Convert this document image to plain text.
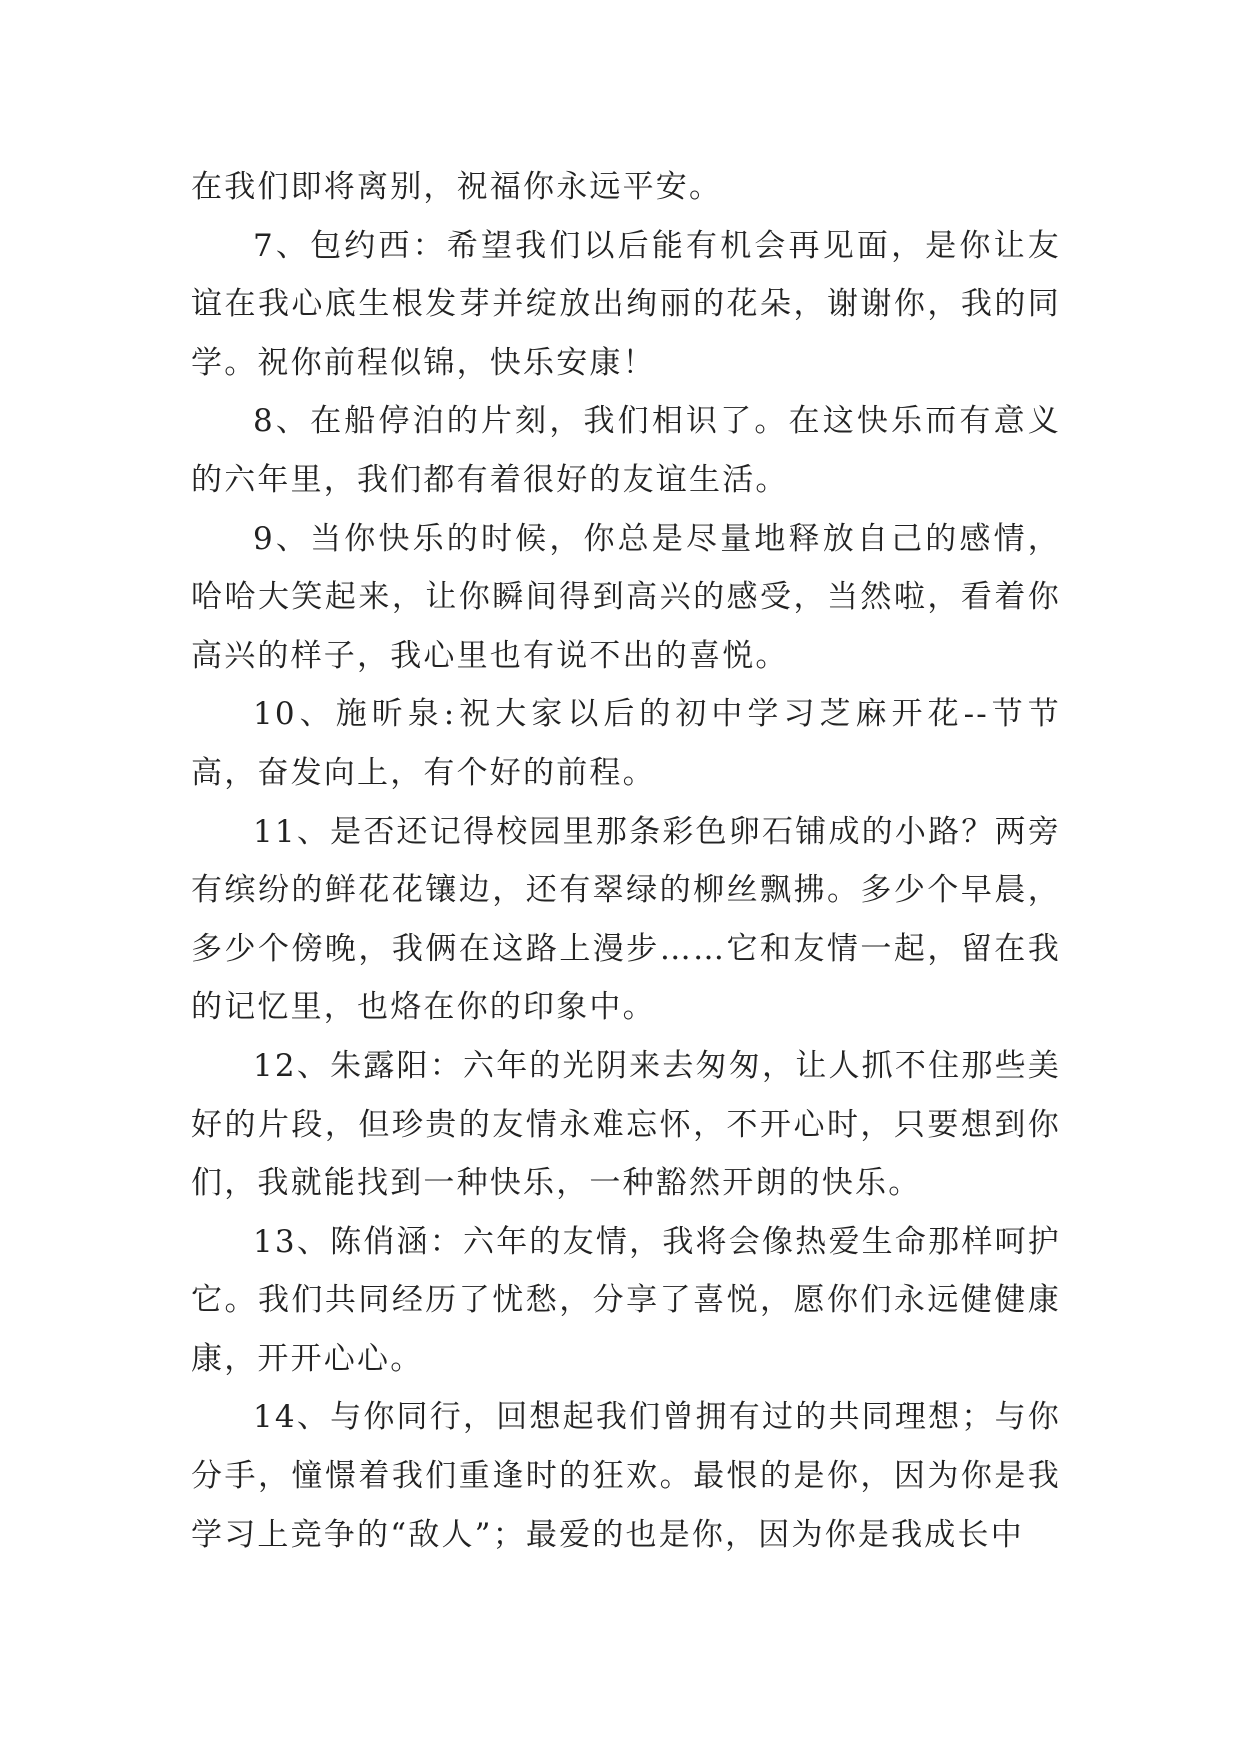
在我们即将离别，祝福你永远平安。

7、包约西：希望我们以后能有机会再见面，是你让友谊在我心底生根发芽并绽放出绚丽的花朵，谢谢你，我的同学。祝你前程似锦，快乐安康！

8、在船停泊的片刻，我们相识了。在这快乐而有意义的六年里，我们都有着很好的友谊生活。

9、当你快乐的时候，你总是尽量地释放自己的感情，哈哈大笑起来，让你瞬间得到高兴的感受，当然啦，看着你高兴的样子，我心里也有说不出的喜悦。

10、施昕泉:祝大家以后的初中学习芝麻开花--节节高，奋发向上，有个好的前程。

11、是否还记得校园里那条彩色卵石铺成的小路？两旁有缤纷的鲜花花镶边，还有翠绿的柳丝飘拂。多少个早晨，多少个傍晚，我俩在这路上漫步……它和友情一起，留在我的记忆里，也烙在你的印象中。

12、朱露阳：六年的光阴来去匆匆，让人抓不住那些美好的片段，但珍贵的友情永难忘怀，不开心时，只要想到你们，我就能找到一种快乐，一种豁然开朗的快乐。

13、陈俏涵：六年的友情，我将会像热爱生命那样呵护它。我们共同经历了忧愁，分享了喜悦，愿你们永远健健康康，开开心心。

14、与你同行，回想起我们曾拥有过的共同理想；与你分手，憧憬着我们重逢时的狂欢。最恨的是你，因为你是我学习上竞争的“敌人”；最爱的也是你，因为你是我成长中
